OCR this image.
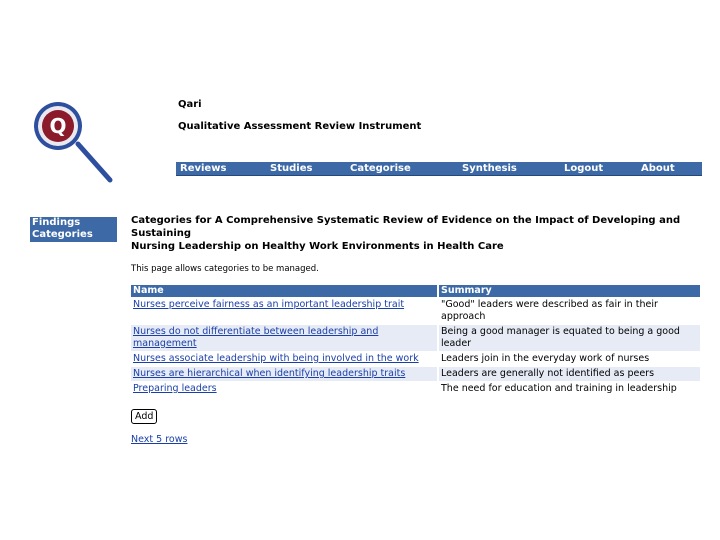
Q
Qari
Qualitative Assessment Review Instrument
Reviews	Studies	Categorise	Synthesis	Logout	About
Findings
Categories
Categories for A Comprehensive Systematic Review of Evidence on the Impact of Developing and Sustaining
Nursing Leadership on Healthy Work Environments in Health Care
This page allows categories to be managed.
Name	Summary
Nurses perceive fairness as an important leadership trait	"Good" leaders were described as fair in their approach
Nurses do not differentiate between leadership and management	Being a good manager is equated to being a good leader
Nurses associate leadership with being involved in the work	Leaders join in the everyday work of nurses
Nurses are hierarchical when identifying leadership traits	Leaders are generally not identified as peers
Preparing leaders	The need for education and training in leadership
Add
Next 5 rows
